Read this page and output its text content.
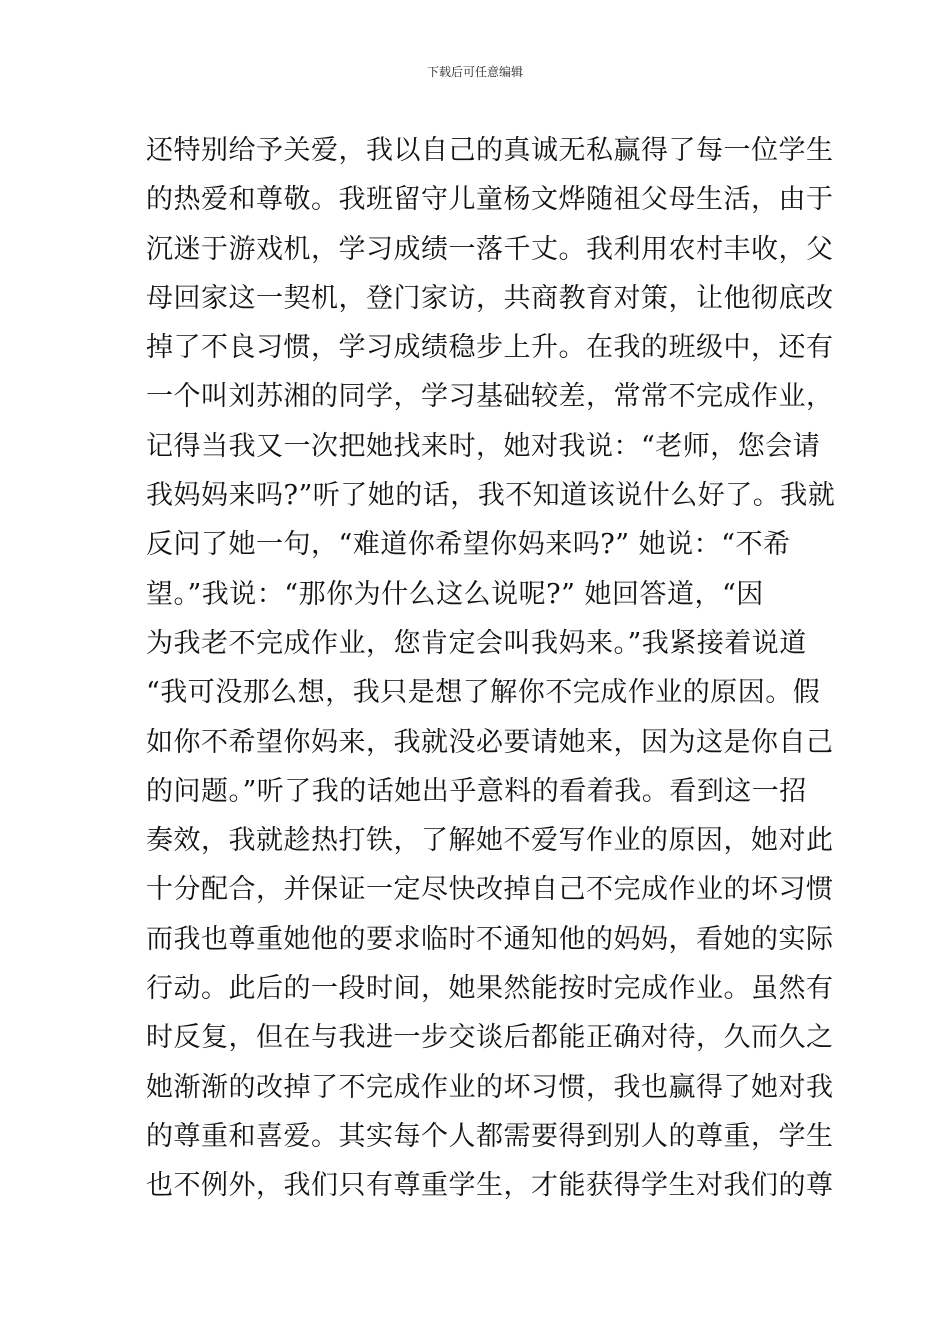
下载后可任意编辑
还特别给予关爱，我以自己的真诚无私赢得了每一位学生
的热爱和尊敬。我班留守儿童杨文烨随祖父母生活，由于
沉迷于游戏机，学习成绩一落千丈。我利用农村丰收，父
母回家这一契机，登门家访，共商教育对策，让他彻底改
掉了不良习惯，学习成绩稳步上升。在我的班级中，还有
一个叫刘苏湘的同学，学习基础较差，常常不完成作业，
记得当我又一次把她找来时，她对我说：“老师，您会请
我妈妈来吗?”听了她的话，我不知道该说什么好了。我就
反问了她一句，“难道你希望你妈来吗?” 她说：“不希
望。”我说：“那你为什么这么说呢?” 她回答道，“因
为我老不完成作业，您肯定会叫我妈来。”我紧接着说道
“我可没那么想，我只是想了解你不完成作业的原因。假
如你不希望你妈来，我就没必要请她来，因为这是你自己
的问题。”听了我的话她出乎意料的看着我。看到这一招
奏效，我就趁热打铁，了解她不爱写作业的原因，她对此
十分配合，并保证一定尽快改掉自己不完成作业的坏习惯
而我也尊重她他的要求临时不通知他的妈妈，看她的实际
行动。此后的一段时间，她果然能按时完成作业。虽然有
时反复，但在与我进一步交谈后都能正确对待，久而久之
她渐渐的改掉了不完成作业的坏习惯，我也赢得了她对我
的尊重和喜爱。其实每个人都需要得到别人的尊重，学生
也不例外，我们只有尊重学生，才能获得学生对我们的尊
